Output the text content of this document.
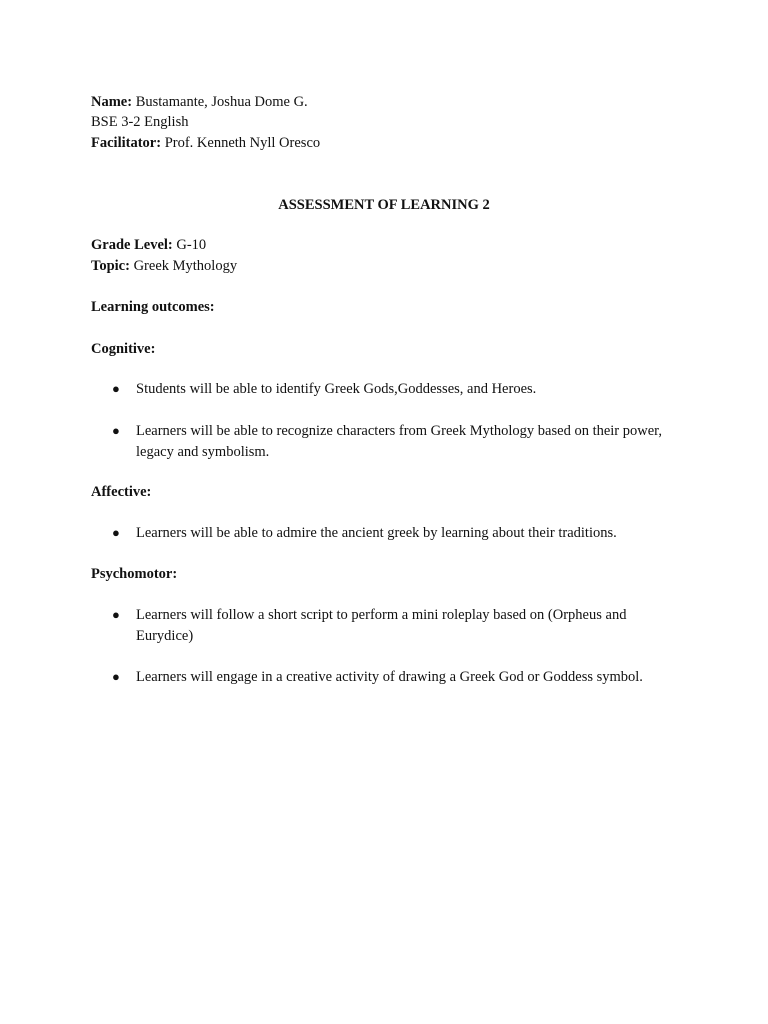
Name: Bustamante, Joshua Dome G.
BSE 3-2 English
Facilitator: Prof. Kenneth Nyll Oresco
ASSESSMENT OF LEARNING 2
Grade Level: G-10
Topic: Greek Mythology
Learning outcomes:
Cognitive:
● Students will be able to identify Greek Gods,Goddesses, and Heroes.
● Learners will be able to recognize characters from Greek Mythology based on their power, legacy and symbolism.
Affective:
● Learners will be able to admire the ancient greek by learning about their traditions.
Psychomotor:
● Learners will follow a short script to perform a mini roleplay based on (Orpheus and Eurydice)
● Learners will engage in a creative activity of drawing a Greek God or Goddess symbol.
